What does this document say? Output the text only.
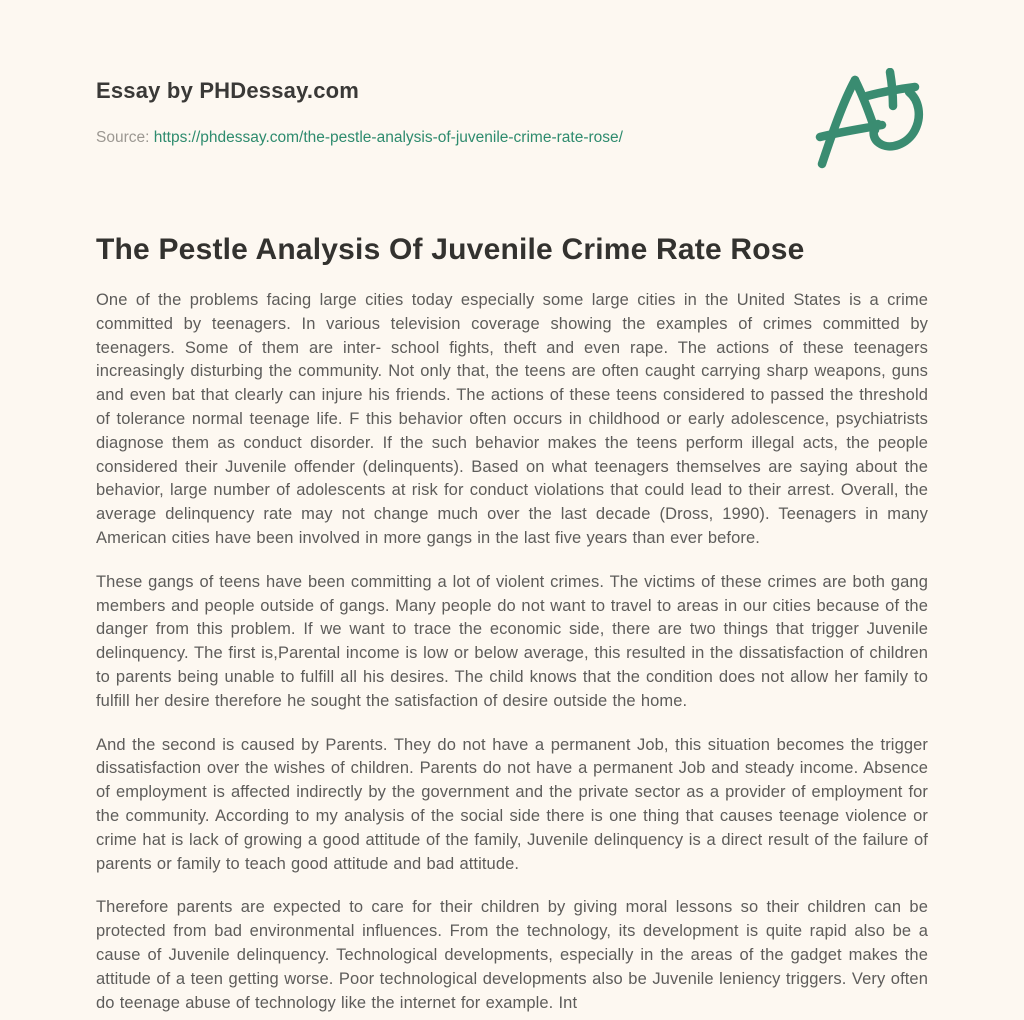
Essay by PHDessay.com
Source: https://phdessay.com/the-pestle-analysis-of-juvenile-crime-rate-rose/
The Pestle Analysis Of Juvenile Crime Rate Rose

One of the problems facing large cities today especially some large cities in the United States is a crime committed by teenagers. In various television coverage showing the examples of crimes committed by teenagers. Some of them are inter- school fights, theft and even rape. The actions of these teenagers increasingly disturbing the community. Not only that, the teens are often caught carrying sharp weapons, guns and even bat that clearly can injure his friends. The actions of these teens considered to passed the threshold of tolerance normal teenage life. F this behavior often occurs in childhood or early adolescence, psychiatrists diagnose them as conduct disorder. If the such behavior makes the teens perform illegal acts, the people considered their Juvenile offender (delinquents). Based on what teenagers themselves are saying about the behavior, large number of adolescents at risk for conduct violations that could lead to their arrest. Overall, the average delinquency rate may not change much over the last decade (Dross, 1990). Teenagers in many American cities have been involved in more gangs in the last five years than ever before.

These gangs of teens have been committing a lot of violent crimes. The victims of these crimes are both gang members and people outside of gangs. Many people do not want to travel to areas in our cities because of the danger from this problem. If we want to trace the economic side, there are two things that trigger Juvenile delinquency. The first is,Parental income is low or below average, this resulted in the dissatisfaction of children to parents being unable to fulfill all his desires. The child knows that the condition does not allow her family to fulfill her desire therefore he sought the satisfaction of desire outside the home.

And the second is caused by Parents. They do not have a permanent Job, this situation becomes the trigger dissatisfaction over the wishes of children. Parents do not have a permanent Job and steady income. Absence of employment is affected indirectly by the government and the private sector as a provider of employment for the community. According to my analysis of the social side there is one thing that causes teenage violence or crime hat is lack of growing a good attitude of the family, Juvenile delinquency is a direct result of the failure of parents or family to teach good attitude and bad attitude.

Therefore parents are expected to care for their children by giving moral lessons so their children can be protected from bad environmental influences. From the technology, its development is quite rapid also be a cause of Juvenile delinquency. Technological developments, especially in the areas of the gadget makes the attitude of a teen getting worse. Poor technological developments also be Juvenile leniency triggers. Very often do teenage abuse of technology like the internet for example. Int
